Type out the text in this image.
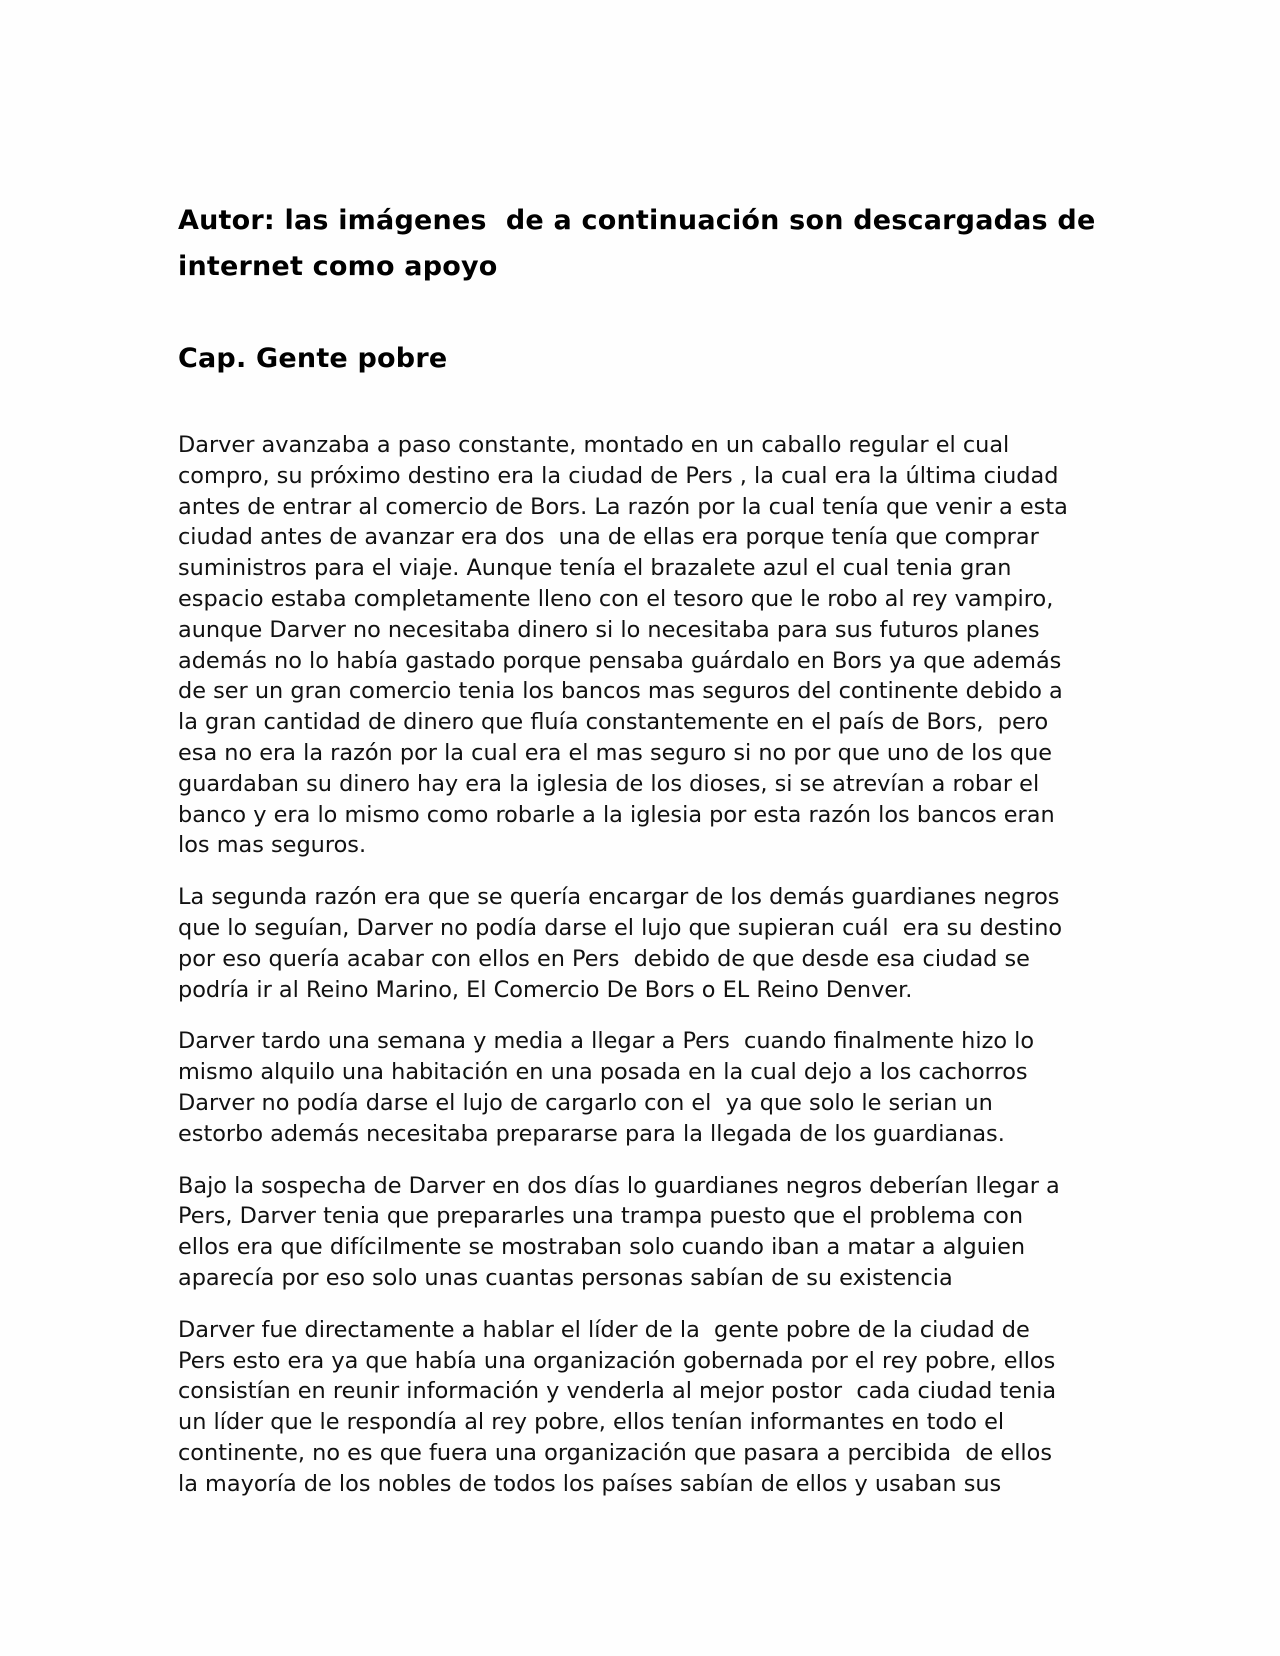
Autor: las imágenes  de a continuación son descargadas de
internet como apoyo

Cap. Gente pobre

Darver avanzaba a paso constante, montado en un caballo regular el cual
compro, su próximo destino era la ciudad de Pers , la cual era la última ciudad
antes de entrar al comercio de Bors. La razón por la cual tenía que venir a esta
ciudad antes de avanzar era dos  una de ellas era porque tenía que comprar
suministros para el viaje. Aunque tenía el brazalete azul el cual tenia gran
espacio estaba completamente lleno con el tesoro que le robo al rey vampiro,
aunque Darver no necesitaba dinero si lo necesitaba para sus futuros planes
además no lo había gastado porque pensaba guárdalo en Bors ya que además
de ser un gran comercio tenia los bancos mas seguros del continente debido a
la gran cantidad de dinero que fluía constantemente en el país de Bors,  pero
esa no era la razón por la cual era el mas seguro si no por que uno de los que
guardaban su dinero hay era la iglesia de los dioses, si se atrevían a robar el
banco y era lo mismo como robarle a la iglesia por esta razón los bancos eran
los mas seguros.

La segunda razón era que se quería encargar de los demás guardianes negros
que lo seguían, Darver no podía darse el lujo que supieran cuál  era su destino
por eso quería acabar con ellos en Pers  debido de que desde esa ciudad se
podría ir al Reino Marino, El Comercio De Bors o EL Reino Denver.

Darver tardo una semana y media a llegar a Pers  cuando finalmente hizo lo
mismo alquilo una habitación en una posada en la cual dejo a los cachorros
Darver no podía darse el lujo de cargarlo con el  ya que solo le serian un
estorbo además necesitaba prepararse para la llegada de los guardianas.

Bajo la sospecha de Darver en dos días lo guardianes negros deberían llegar a
Pers, Darver tenia que prepararles una trampa puesto que el problema con
ellos era que difícilmente se mostraban solo cuando iban a matar a alguien
aparecía por eso solo unas cuantas personas sabían de su existencia

Darver fue directamente a hablar el líder de la  gente pobre de la ciudad de
Pers esto era ya que había una organización gobernada por el rey pobre, ellos
consistían en reunir información y venderla al mejor postor  cada ciudad tenia
un líder que le respondía al rey pobre, ellos tenían informantes en todo el
continente, no es que fuera una organización que pasara a percibida  de ellos
la mayoría de los nobles de todos los países sabían de ellos y usaban sus
